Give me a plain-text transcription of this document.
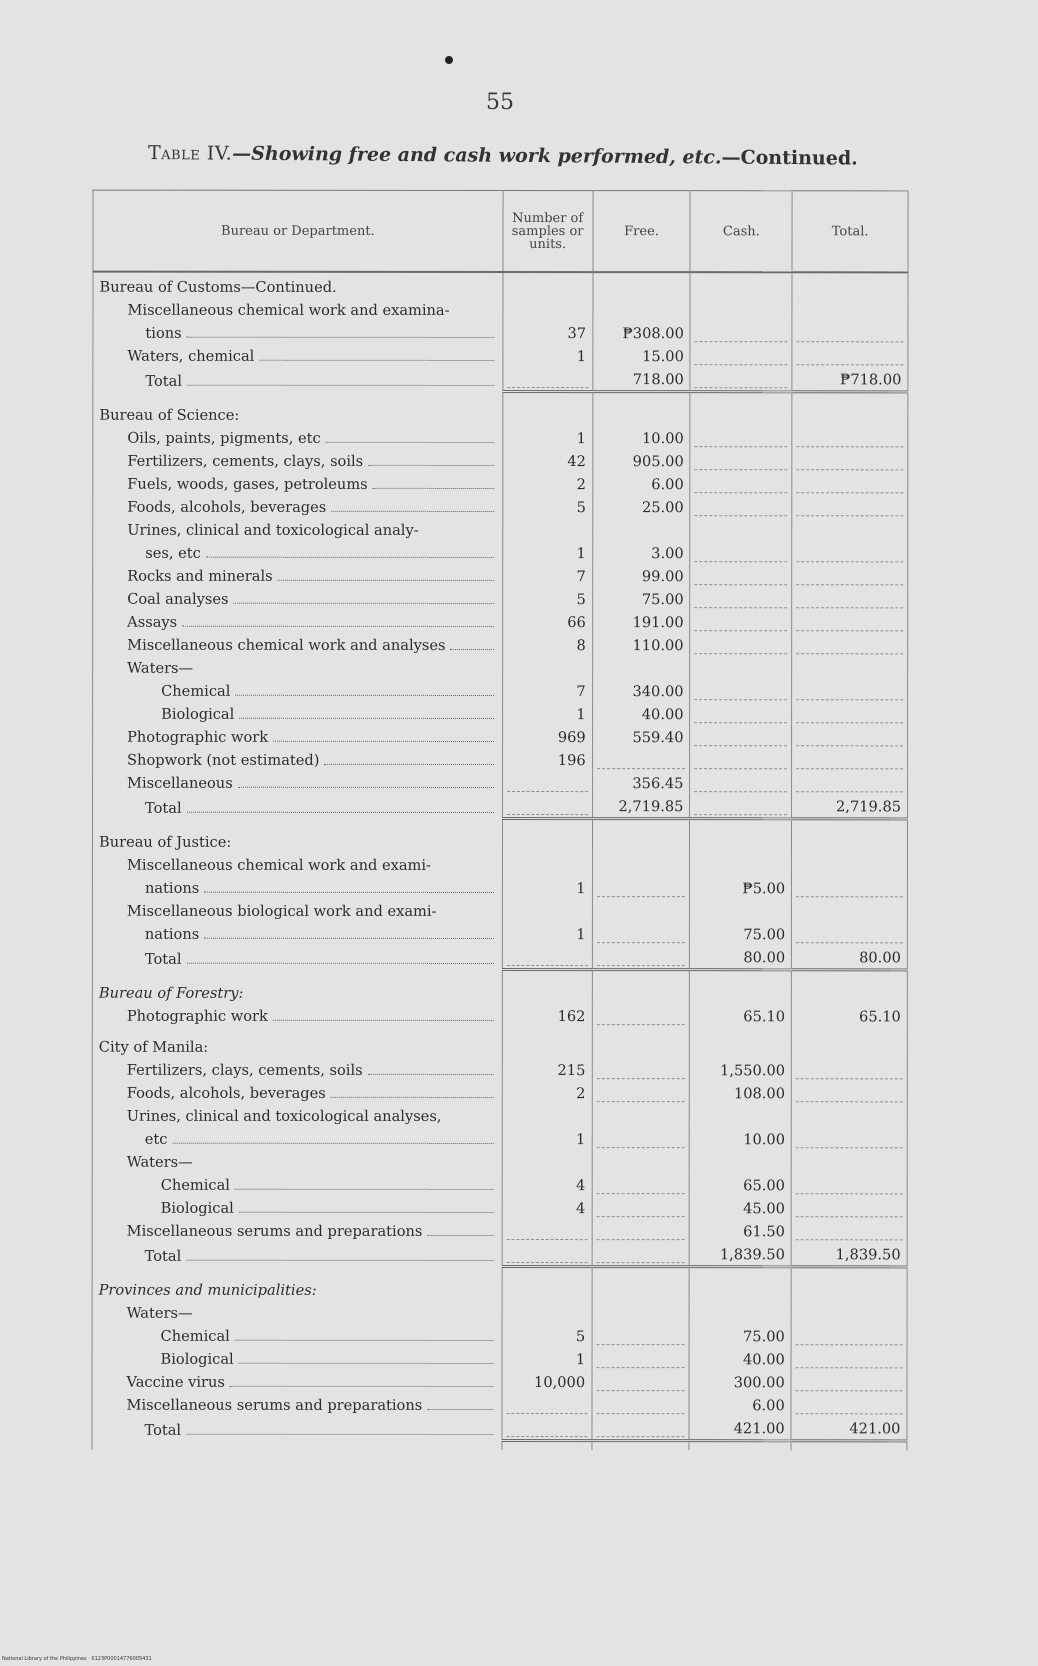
55
Table IV.—Showing free and cash work performed, etc.—Continued.
Bureau or Department.	Number of samples or units.	Free.	Cash.	Total.

Bureau of Customs—Continued.				

Miscellaneous chemical work and examina-				

tions	37	₱308.00	

Waters, chemical	1	15.00	

Total		718.00		₱718.00

Bureau of Science:				

Oils, paints, pigments, etc	1	10.00	

Fertilizers, cements, clays, soils	42	905.00	

Fuels, woods, gases, petroleums	2	6.00	

Foods, alcohols, beverages	5	25.00	

Urines, clinical and toxicological analy-				

ses, etc	1	3.00	

Rocks and minerals	7	99.00	

Coal analyses	5	75.00	

Assays	66	191.00	

Miscellaneous chemical work and analyses	8	110.00	

Waters—				

Chemical	7	340.00	

Biological	1	40.00	

Photographic work	969	559.40	

Shopwork (not estimated)	196	

Miscellaneous		356.45	

Total		2,719.85		2,719.85

Bureau of Justice:				

Miscellaneous chemical work and exami-				

nations	1		₱5.00	

Miscellaneous biological work and exami-				

nations	1		75.00	

Total			80.00	80.00

Bureau of Forestry:				

Photographic work	162		65.10	65.10

City of Manila:				

Fertilizers, clays, cements, soils	215		1,550.00	

Foods, alcohols, beverages	2		108.00	

Urines, clinical and toxicological analyses,				

etc	1		10.00	

Waters—				

Chemical	4		65.00	

Biological	4		45.00	

Miscellaneous serums and preparations			61.50	

Total			1,839.50	1,839.50

Provinces and municipalities:				

Waters—				

Chemical	5		75.00	

Biological	1		40.00	

Vaccine virus	10,000		300.00	

Miscellaneous serums and preparations			6.00	

Total			421.00	421.00

National Library of the Philippines · 0123P00014776005431
